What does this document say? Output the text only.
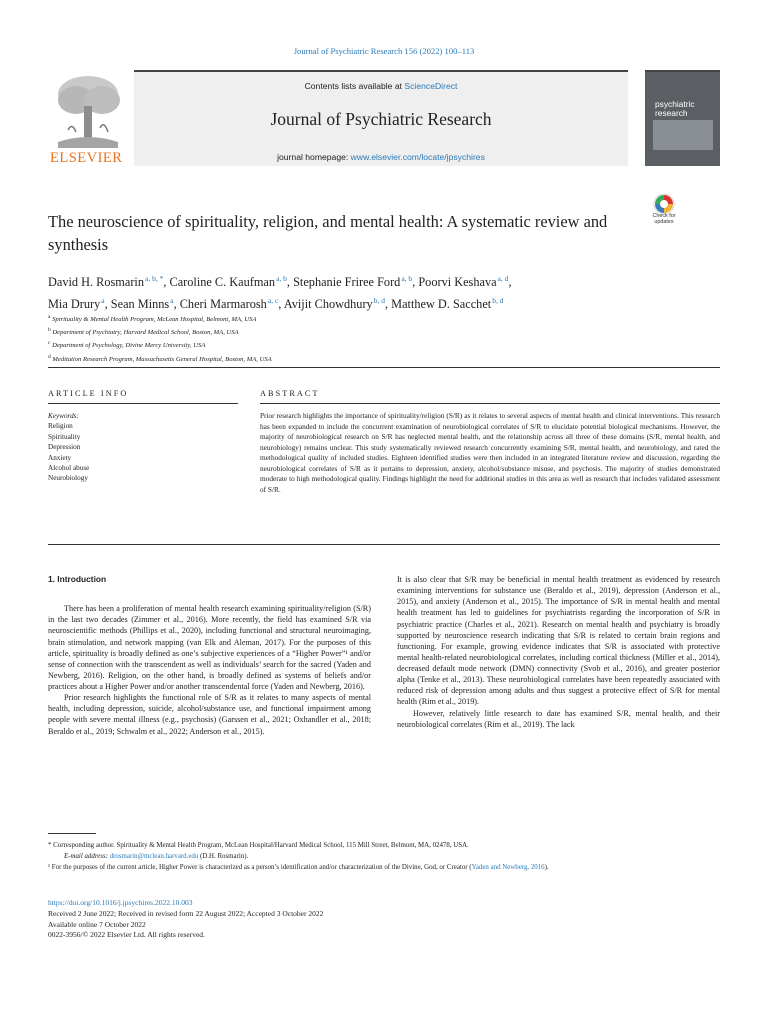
Journal of Psychiatric Research 156 (2022) 100–113
ELSEVIER
Contents lists available at ScienceDirect
Journal of Psychiatric Research
journal homepage: www.elsevier.com/locate/jpsychires
psychiatric
research
The neuroscience of spirituality, religion, and mental health: A systematic review and synthesis
Check for
updates
David H. Rosmarin $^{a, b, *}$, Caroline C. Kaufman $^{a, b}$, Stephanie Friree Ford $^{a, b}$, Poorvi Keshava $^{a, d}$,
Mia Drury $^a$, Sean Minns $^a$, Cheri Marmarosh $^{a, c}$, Avijit Chowdhury $^{b, d}$, Matthew D. Sacchet $^{b, d}$
$^a$ Spirituality & Mental Health Program, McLean Hospital, Belmont, MA, USA
$^b$ Department of Psychiatry, Harvard Medical School, Boston, MA, USA
$^c$ Department of Psychology, Divine Mercy University, USA
$^d$ Meditation Research Program, Massachusetts General Hospital, Boston, MA, USA
ARTICLE INFO	ABSTRACT
Keywords:
Religion
Spirituality
Depression
Anxiety
Alcohol abuse
Neurobiology
Prior research highlights the importance of spirituality/religion (S/R) as it relates to several aspects of mental health and clinical interventions. This research has been expanded to include the concurrent examination of neurobiological correlates of S/R to elucidate potential biological mechanisms. However, the majority of neurobiological research on S/R has neglected mental health, and the relationship across all three of these domains (S/R, mental health, and neurobiology) remains unclear. This study systematically reviewed research concurrently examining S/R, mental health, and neurobiology, and rated the methodological quality of included studies. Eighteen identified studies were then included in an integrated literature review and discussion, regarding the neurobiological correlates of S/R as it pertains to depression, anxiety, alcohol/substance misuse, and psychosis. The majority of studies demonstrated moderate to high methodological quality. Findings highlight the need for additional studies in this area as well as research that includes validated assessment of S/R.
1. Introduction

There has been a proliferation of mental health research examining spirituality/religion (S/R) in the last two decades (Zimmer et al., 2016). More recently, the field has examined S/R via neuroscientific methods (Phillips et al., 2020), including functional and structural neuroimaging, brain stimulation, and network mapping (van Elk and Aleman, 2017). For the purposes of this article, spirituality is broadly defined as one’s subjective experiences of a “Higher Power”¹ and/or sense of connection with the transcendent as well as individuals’ search for the sacred (Yaden and Newberg, 2016). Religion, on the other hand, is broadly defined as systems of beliefs and/or practices about a Higher Power and/or another transcendental force (Yaden and Newberg, 2016).

Prior research highlights the functional role of S/R as it relates to many aspects of mental health, including depression, suicide, alcohol/substance use, and functional impairment among people with severe mental illness (e.g., psychosis) (Garssen et al., 2021; Oxhandler et al., 2018; Beraldo et al., 2019; Schwalm et al., 2022; Anderson et al., 2015).

It is also clear that S/R may be beneficial in mental health treatment as evidenced by research examining interventions for substance use (Beraldo et al., 2019), depression (Anderson et al., 2015), and anxiety (Anderson et al., 2015). The importance of S/R in mental health and mental health treatment has led to guidelines for psychiatrists regarding the incorporation of S/R in psychiatric practice (Charles et al., 2021). Research on mental health and psychiatry is broadly supported by neuroscience research indicating that S/R is related to certain brain regions and functioning. For example, growing evidence indicates that S/R is associated with protective mental health-related neurobiological correlates, including cortical thickness (Miller et al., 2014), decreased default mode network (DMN) connectivity (Svob et al., 2016), and greater posterior alpha (Tenke et al., 2013). These neurobiological correlates have been repeatedly associated with reduced risk of depression among adults and thus suggest a protective effect of S/R for mental health (Rim et al., 2019).

However, relatively little research to date has examined S/R, mental health, and their neurobiological correlates (Rim et al., 2019). The lack

* Corresponding author. Spirituality & Mental Health Program, McLean Hospital/Harvard Medical School, 115 Mill Street, Belmont, MA, 02478, USA.
E-mail address: drosmarin@mclean.harvard.edu (D.H. Rosmarin).
¹ For the purposes of the current article, Higher Power is characterized as a person’s identification and/or characterization of the Divine, God, or Creator (Yaden and Newberg, 2016).
https://doi.org/10.1016/j.jpsychires.2022.10.003
Received 2 June 2022; Received in revised form 22 August 2022; Accepted 3 October 2022
Available online 7 October 2022
0022-3956/© 2022 Elsevier Ltd. All rights reserved.
